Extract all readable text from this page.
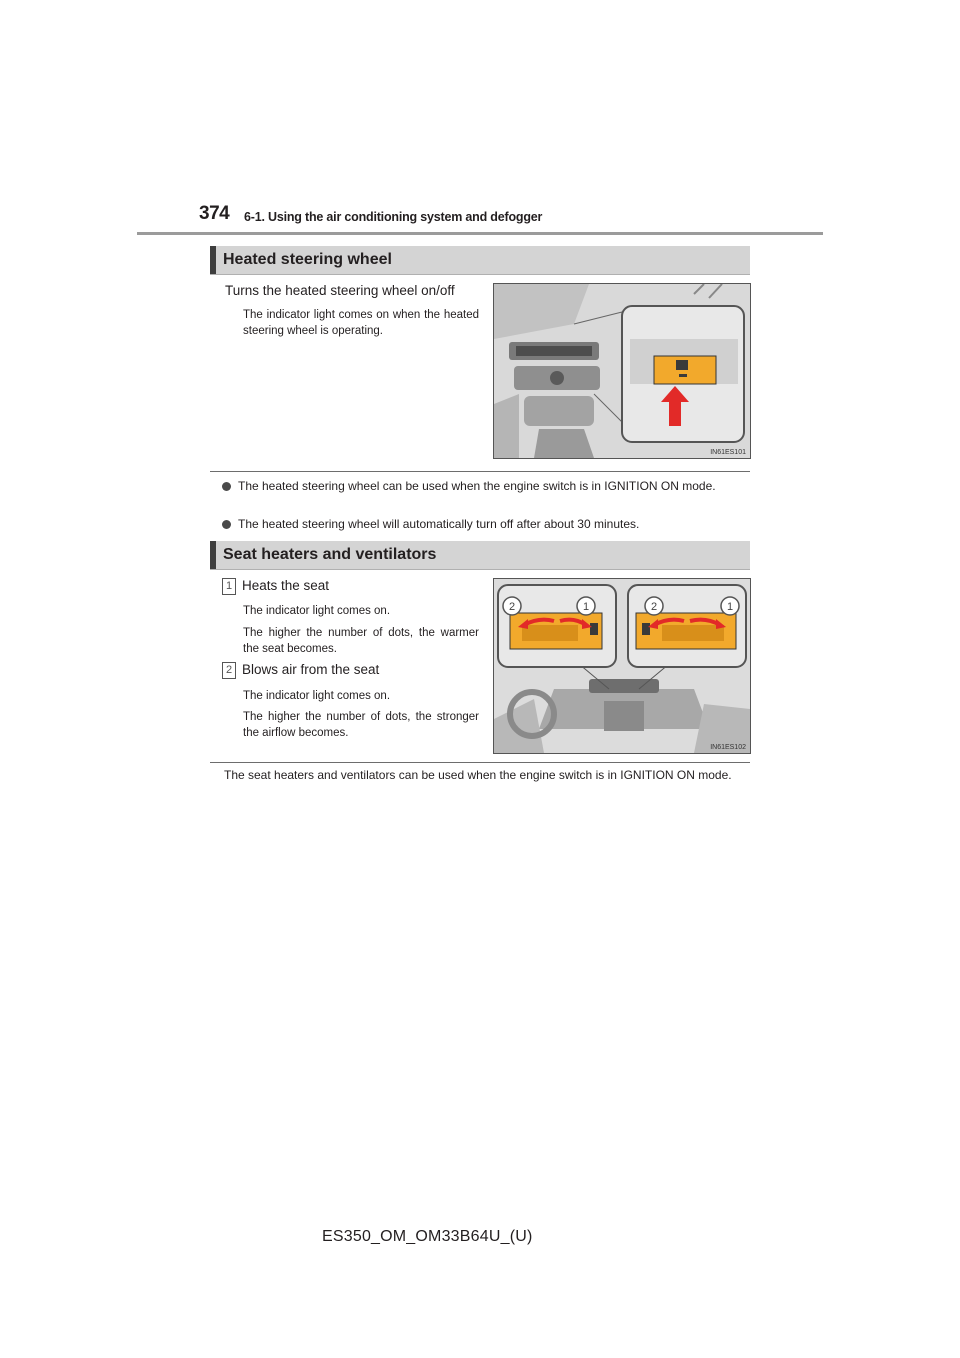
374 6-1. Using the air conditioning system and defogger
Heated steering wheel
Turns the heated steering wheel on/off
The indicator light comes on when the heated steering wheel is operating.
IN61ES101
The heated steering wheel can be used when the engine switch is in IGNITION ON mode.
The heated steering wheel will automatically turn off after about 30 minutes.
Seat heaters and ventilators
1 Heats the seat
The indicator light comes on.
The higher the number of dots, the warmer the seat becomes.
2 Blows air from the seat
The indicator light comes on.
The higher the number of dots, the stronger the airflow becomes.
2	1	2	1
IN61ES102
The seat heaters and ventilators can be used when the engine switch is in IGNITION ON mode.
ES350_OM_OM33B64U_(U)
